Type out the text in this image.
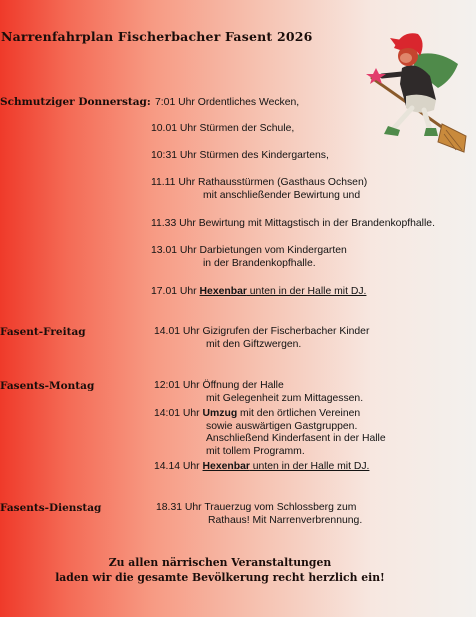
Narrenfahrplan Fischerbacher Fasent 2026
Schmutziger Donnerstag: 7:01 Uhr Ordentliches Wecken,
10.01 Uhr Stürmen der Schule,
10:31 Uhr Stürmen des Kindergartens,
11.11 Uhr Rathausstürmen (Gasthaus Ochsen)
mit anschließender Bewirtung und
11.33 Uhr Bewirtung mit Mittagstisch in der Brandenkopfhalle.
13.01 Uhr Darbietungen vom Kindergarten
in der Brandenkopfhalle.
17.01 Uhr Hexenbar unten in der Halle mit DJ.
Fasent-Freitag	14.01 Uhr Gizigrufen der Fischerbacher Kinder
mit den Giftzwergen.
Fasents-Montag	12:01 Uhr Öffnung der Halle
mit Gelegenheit zum Mittagessen.
14:01 Uhr Umzug mit den örtlichen Vereinen
sowie auswärtigen Gastgruppen.
Anschließend Kinderfasent in der Halle
mit tollem Programm.
14.14 Uhr Hexenbar unten in der Halle mit DJ.
Fasents-Dienstag	18.31 Uhr Trauerzug vom Schlossberg zum
Rathaus! Mit Narrenverbrennung.
Zu allen närrischen Veranstaltungen
laden wir die gesamte Bevölkerung recht herzlich ein!
